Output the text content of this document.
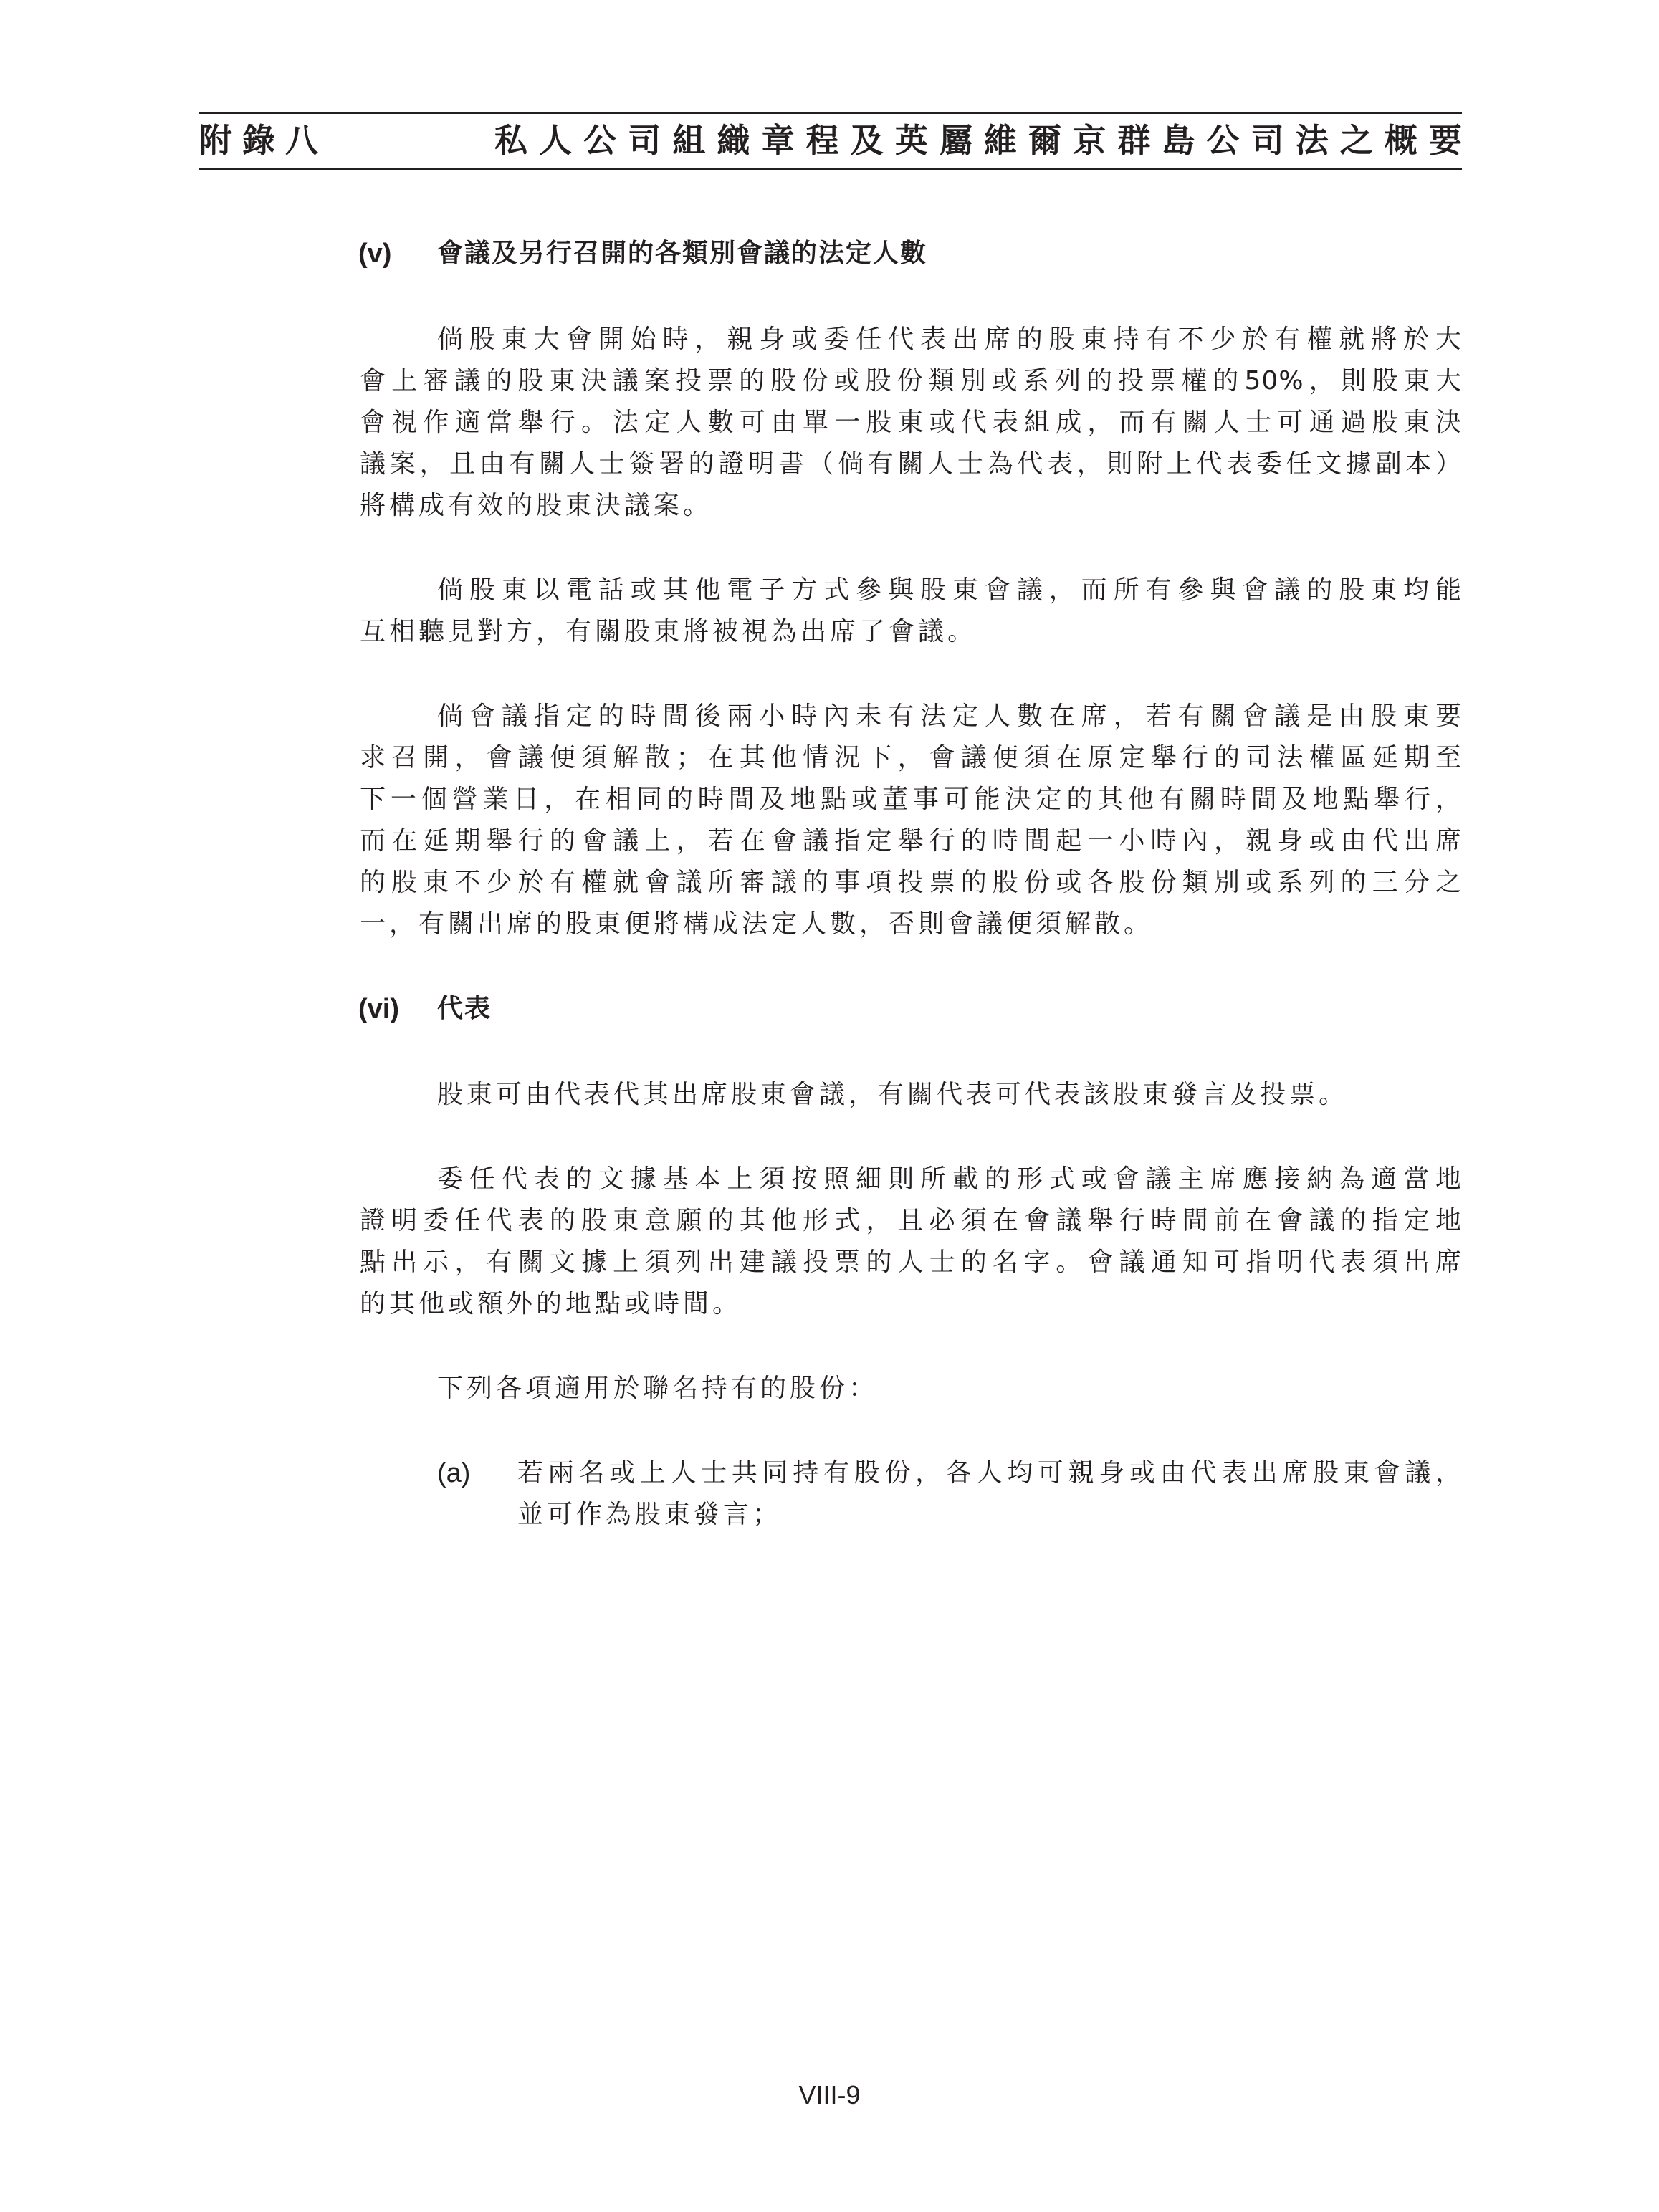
附錄八	私人公司組織章程及英屬維爾京群島公司法之概要
(v) 會議及另行召開的各類別會議的法定人數
倘股東大會開始時，親身或委任代表出席的股東持有不少於有權就將於大
會上審議的股東決議案投票的股份或股份類別或系列的投票權的50%，則股東大
會視作適當舉行。法定人數可由單一股東或代表組成，而有關人士可通過股東決
議案，且由有關人士簽署的證明書（倘有關人士為代表，則附上代表委任文據副本）
將構成有效的股東決議案。
倘股東以電話或其他電子方式參與股東會議，而所有參與會議的股東均能
互相聽見對方，有關股東將被視為出席了會議。
倘會議指定的時間後兩小時內未有法定人數在席，若有關會議是由股東要
求召開，會議便須解散；在其他情況下，會議便須在原定舉行的司法權區延期至
下一個營業日，在相同的時間及地點或董事可能決定的其他有關時間及地點舉行，
而在延期舉行的會議上，若在會議指定舉行的時間起一小時內，親身或由代出席
的股東不少於有權就會議所審議的事項投票的股份或各股份類別或系列的三分之
一，有關出席的股東便將構成法定人數，否則會議便須解散。
(vi) 代表
股東可由代表代其出席股東會議，有關代表可代表該股東發言及投票。
委任代表的文據基本上須按照細則所載的形式或會議主席應接納為適當地
證明委任代表的股東意願的其他形式，且必須在會議舉行時間前在會議的指定地
點出示，有關文據上須列出建議投票的人士的名字。會議通知可指明代表須出席
的其他或額外的地點或時間。
下列各項適用於聯名持有的股份：
(a) 若兩名或上人士共同持有股份，各人均可親身或由代表出席股東會議，
並可作為股東發言；
VIII-9
